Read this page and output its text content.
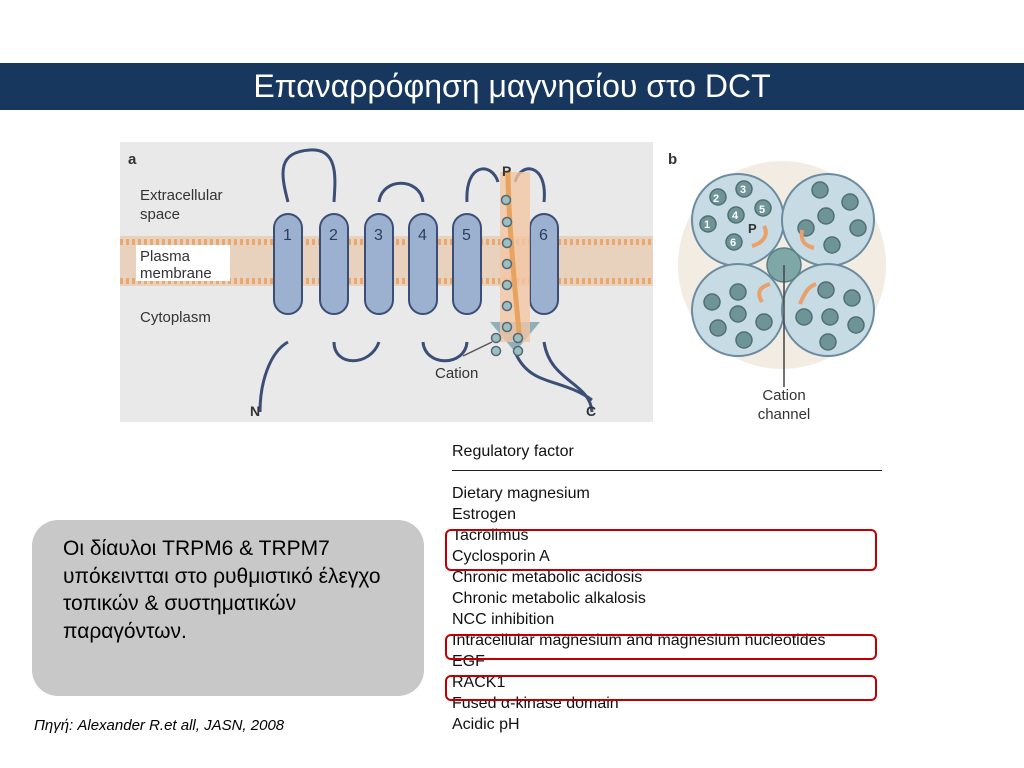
Επαναρρόφηση μαγνησίου στο DCT
a
Extracellular
space
Plasma
membrane
Cytoplasm
1 2 3 4 5	6
P
Cation
N	C
2
3
5
4
1
6
P
b
Cation
channel
Regulatory factor
Dietary magnesium
Estrogen
Tacrolimus
Cyclosporin A
Chronic metabolic acidosis
Chronic metabolic alkalosis
NCC inhibition
Intracellular magnesium and magnesium nucleotides
EGF
RACK1
Fused α-kinase domain
Acidic pH
Οι δίαυλοι TRPM6 & TRPM7 υπόκειντται στο ρυθμιστικό έλεγχο τοπικών & συστηματικών παραγόντων.
Πηγή: Alexander R.et all, JASN, 2008
